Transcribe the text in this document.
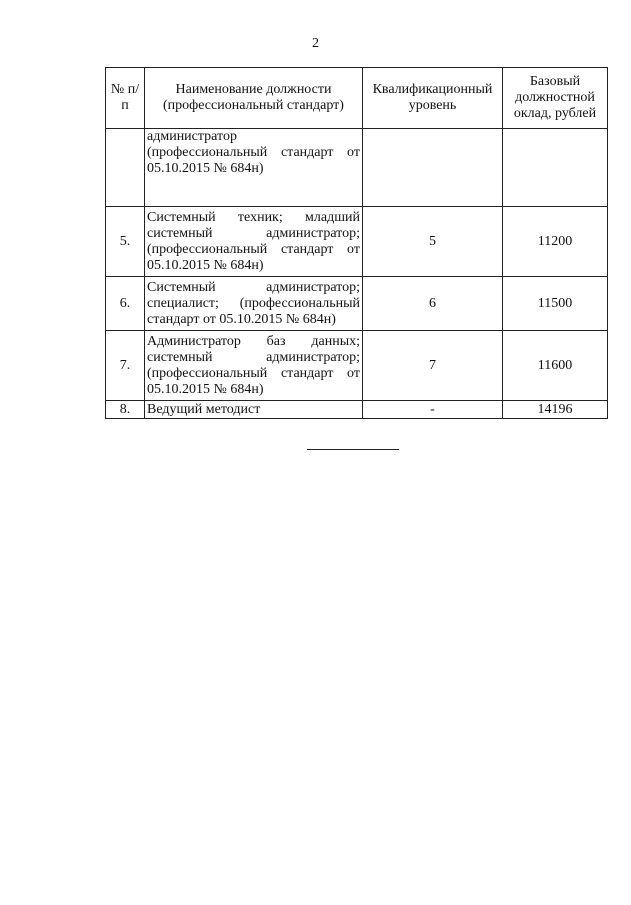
2
№ п/п	Наименование должности (профессиональный стандарт)	Квалификационный уровень	Базовый должностной оклад, рублей
	администратор (профессиональный стандарт от 05.10.2015 № 684н)		
5.	Системный техник; младший системный администратор; (профессиональный стандарт от 05.10.2015 № 684н)	5	11200
6.	Системный администратор; специалист; (профессиональный стандарт от 05.10.2015 № 684н)	6	11500
7.	Администратор баз данных; системный администратор; (профессиональный стандарт от 05.10.2015 № 684н)	7	11600
8.	Ведущий методист	-	14196
